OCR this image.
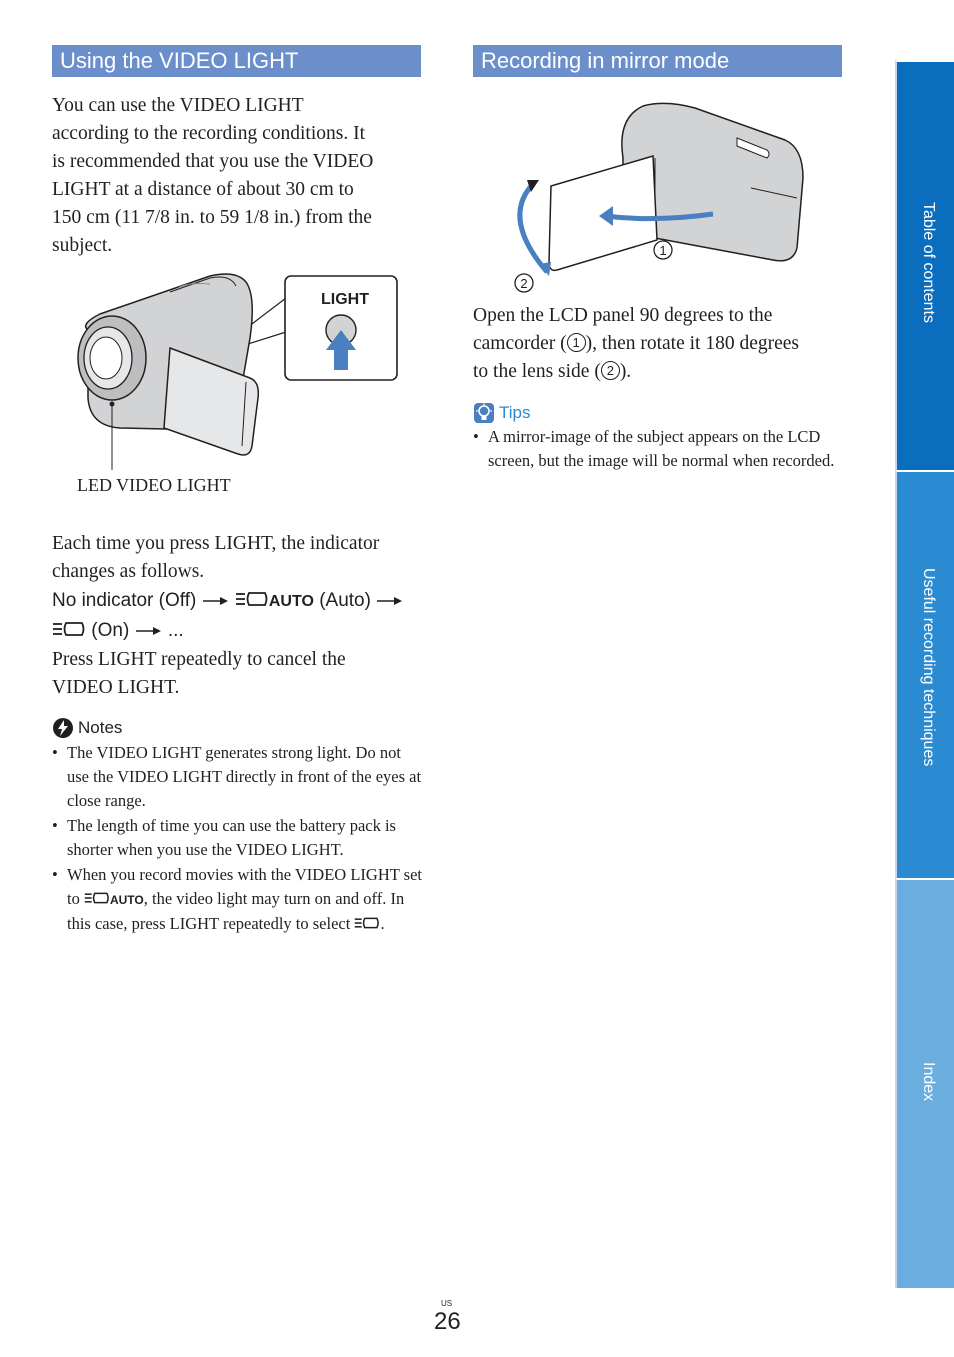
Using the VIDEO LIGHT
You can use the VIDEO LIGHT
according to the recording conditions. It
is recommended that you use the VIDEO
LIGHT at a distance of about 30 cm to
150 cm (11 7/8 in. to 59 1/8 in.) from the
subject.
LIGHT
LED VIDEO LIGHT
Each time you press LIGHT, the indicator
changes as follows.
No indicator (Off)	AUTO (Auto)
(On) ...
Press LIGHT repeatedly to cancel the
VIDEO LIGHT.
Notes
• The VIDEO LIGHT generates strong light. Do not use the VIDEO LIGHT directly in front of the eyes at close range.
• The length of time you can use the battery pack is shorter when you use the VIDEO LIGHT.
• When you record movies with the VIDEO LIGHT set to	AUTO, the video light may turn on and off. In this case, press LIGHT repeatedly to select .
Recording in mirror mode
1
2
Open the LCD panel 90 degrees to the
camcorder ( 1 ), then rotate it 180 degrees
to the lens side ( 2 ).
Tips
• A mirror-image of the subject appears on the LCD screen, but the image will be normal when recorded.
Table of contents
Useful recording techniques
Index
US
26
